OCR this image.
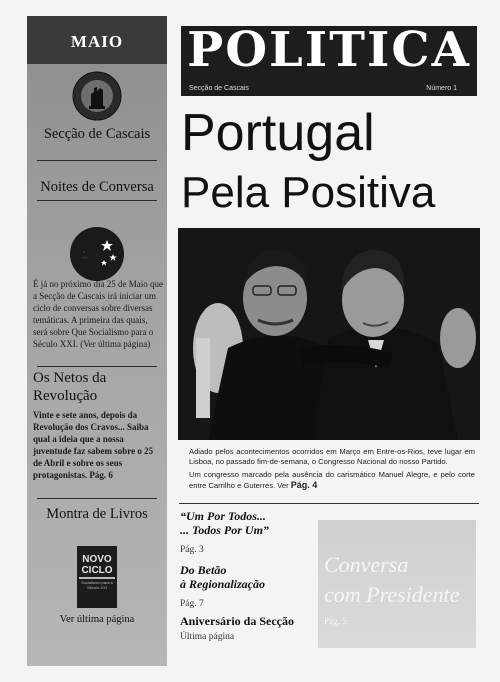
MAIO
Secção de Cascais
Noites de Conversa
É já no próximo dia 25 de Maio que a Secção de Cascais irá iniciar um ciclo de conversas sobre diversas temáticas. A primeira das quais, será sobre Que Socialismo para o Século XXI. (Ver última página)
Os Netos da Revolução
Vinte e sete anos, depois da Revolução dos Cravos... Saiba qual a ideia que a nossa juventude faz sabem sobre o 25 de Abril e sobre os seus protagonistas. Pág. 6
Montra de Livros
NOVO CICLO
Socialismo para o Século XXI
Ver última página
POLITICA
Secção de Cascais	Número 1
Portugal
Pela Positiva

Adiado pelos acontecimentos ocorridos em Março em Entre-os-Rios, teve lugar em Lisboa, no passado fim-de-semana, o Congresso Nacional do nosso Partido.

Um congresso marcado pela ausência do carismático Manuel Alegre, e pelo corte entre Carrilho e Guterres. Ver Pág. 4

“Um Por Todos...
... Todos Por Um”
Pág. 3
Do Betão
à Regionalização
Pág. 7
Aniversário da Secção
Última página
Conversa
com Presidente
Pág. 5
